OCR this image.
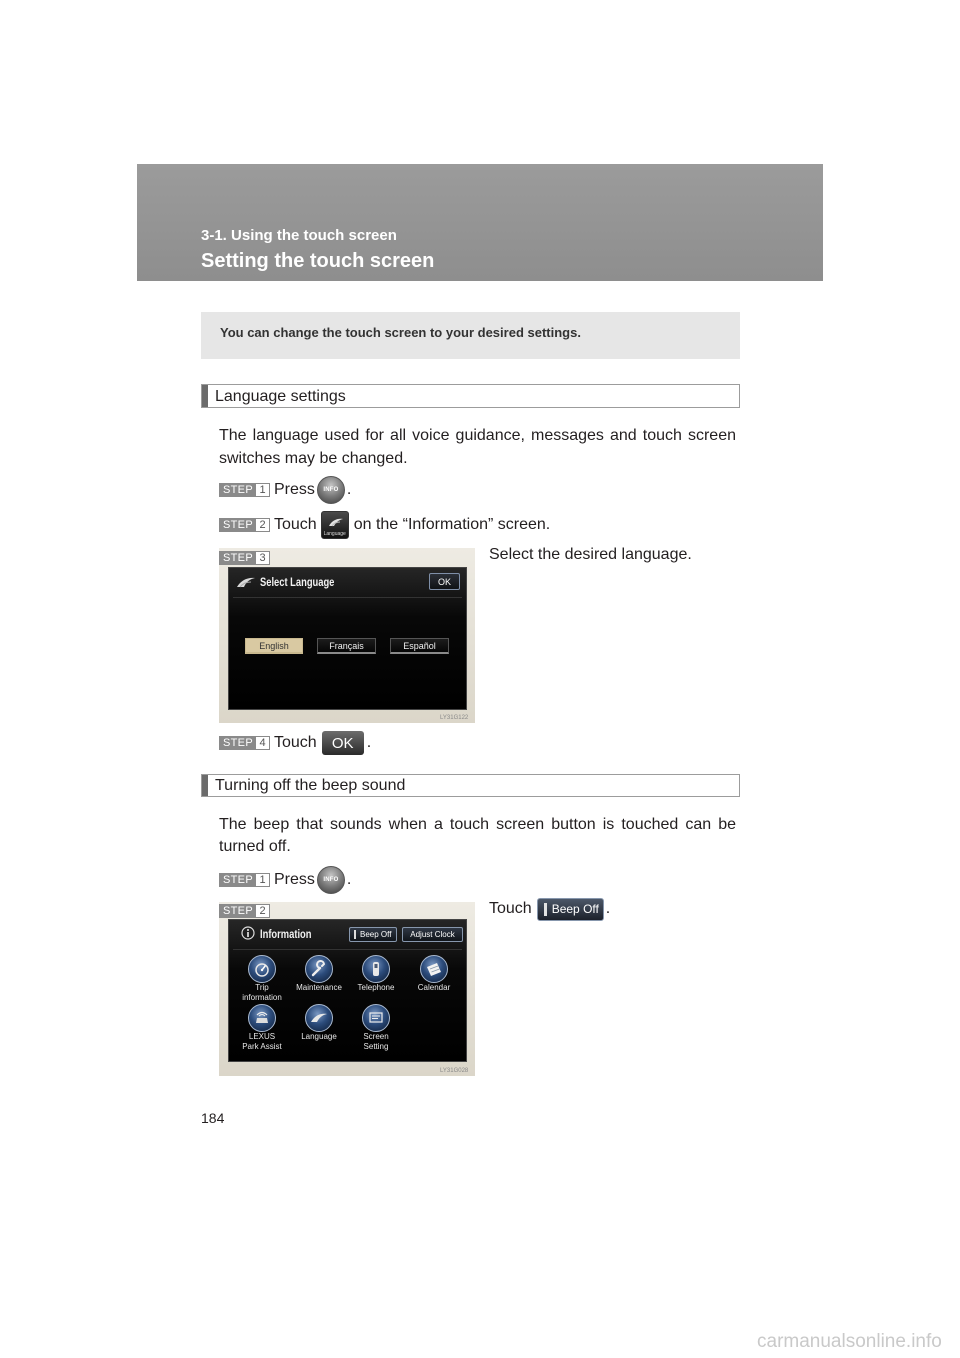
3-1. Using the touch screen
Setting the touch screen
You can change the touch screen to your desired settings.
Language settings
The language used for all voice guidance, messages and touch screen switches may be changed.
STEP 1 Press INFO .
STEP 2 Touch
Language
on the “Information” screen.
Select Language	OK
English	Français	Español
LY31G122
STEP 3	Select the desired language.
STEP 4 Touch	OK .
Turning off the beep sound
The beep that sounds when a touch screen button is touched can be turned off.
STEP 1 Press INFO .
Information	Beep Off	Adjust Clock
Trip
information
Maintenance	Telephone	Calendar
LEXUS
Park Assist
Language	Screen
Setting
LY31G028
STEP 2	Touch Beep Off .
184
carmanualsonline.info
